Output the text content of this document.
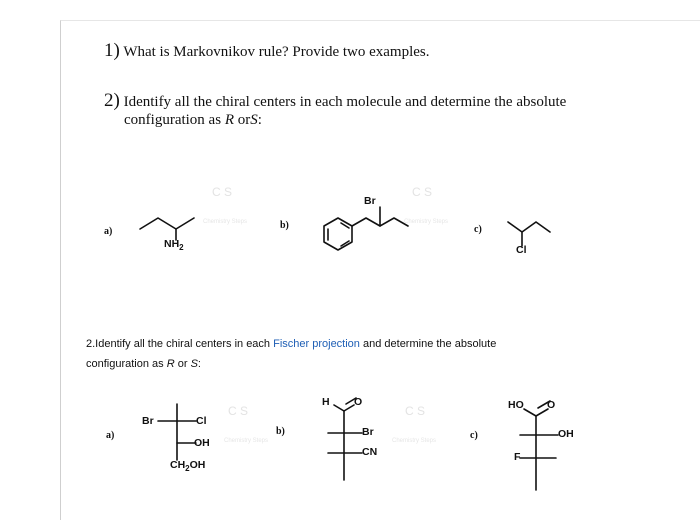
C S
Chemistry Steps
C S
Chemistry Steps
C S
Chemistry Steps
C S
Chemistry Steps
1) What is Markovnikov rule? Provide two examples.
2) Identify all the chiral centers in each molecule and determine the absolute
configuration as R orS:
a)
b)	c)
$NH_2$
Br
Cl
2.Identify all the chiral centers in each Fischer projection and determine the absolute
configuration as R or S:
a)	b)	c)
Br	Cl
OH
$CH_2OH$
H O
Br
CN
HO O
OH
F
